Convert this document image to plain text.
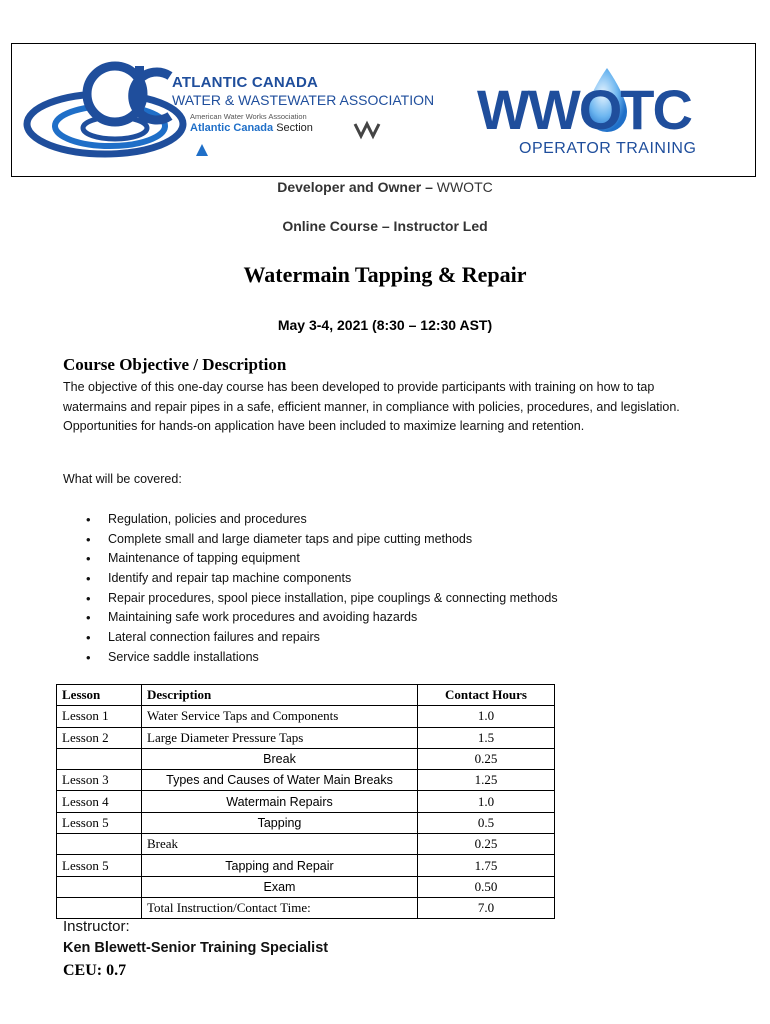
ATLANTIC CANADA
WATER & WASTEWATER ASSOCIATION
American Water Works Association
Atlantic Canada Section	WWOTC
OPERATOR TRAINING
Developer and Owner – WWOTC
Online Course – Instructor Led
Watermain Tapping & Repair
May 3-4, 2021 (8:30 – 12:30 AST)
Course Objective / Description
The objective of this one-day course has been developed to provide participants with training on how to tap watermains and repair pipes in a safe, efficient manner, in compliance with policies, procedures, and legislation. Opportunities for hands-on application have been included to maximize learning and retention.
What will be covered:
• Regulation, policies and procedures
• Complete small and large diameter taps and pipe cutting methods
• Maintenance of tapping equipment
• Identify and repair tap machine components
• Repair procedures, spool piece installation, pipe couplings & connecting methods
• Maintaining safe work procedures and avoiding hazards
• Lateral connection failures and repairs
• Service saddle installations
Lesson	Description	Contact Hours
Lesson 1	Water Service Taps and Components	1.0
Lesson 2	Large Diameter Pressure Taps	1.5
	Break	0.25
Lesson 3	Types and Causes of Water Main Breaks	1.25
Lesson 4	Watermain Repairs	1.0
Lesson 5	Tapping	0.5
	Break	0.25
Lesson 5	Tapping and Repair	1.75
	Exam	0.50
	Total Instruction/Contact Time:	7.0
Instructor:
Ken Blewett-Senior Training Specialist
CEU: 0.7
